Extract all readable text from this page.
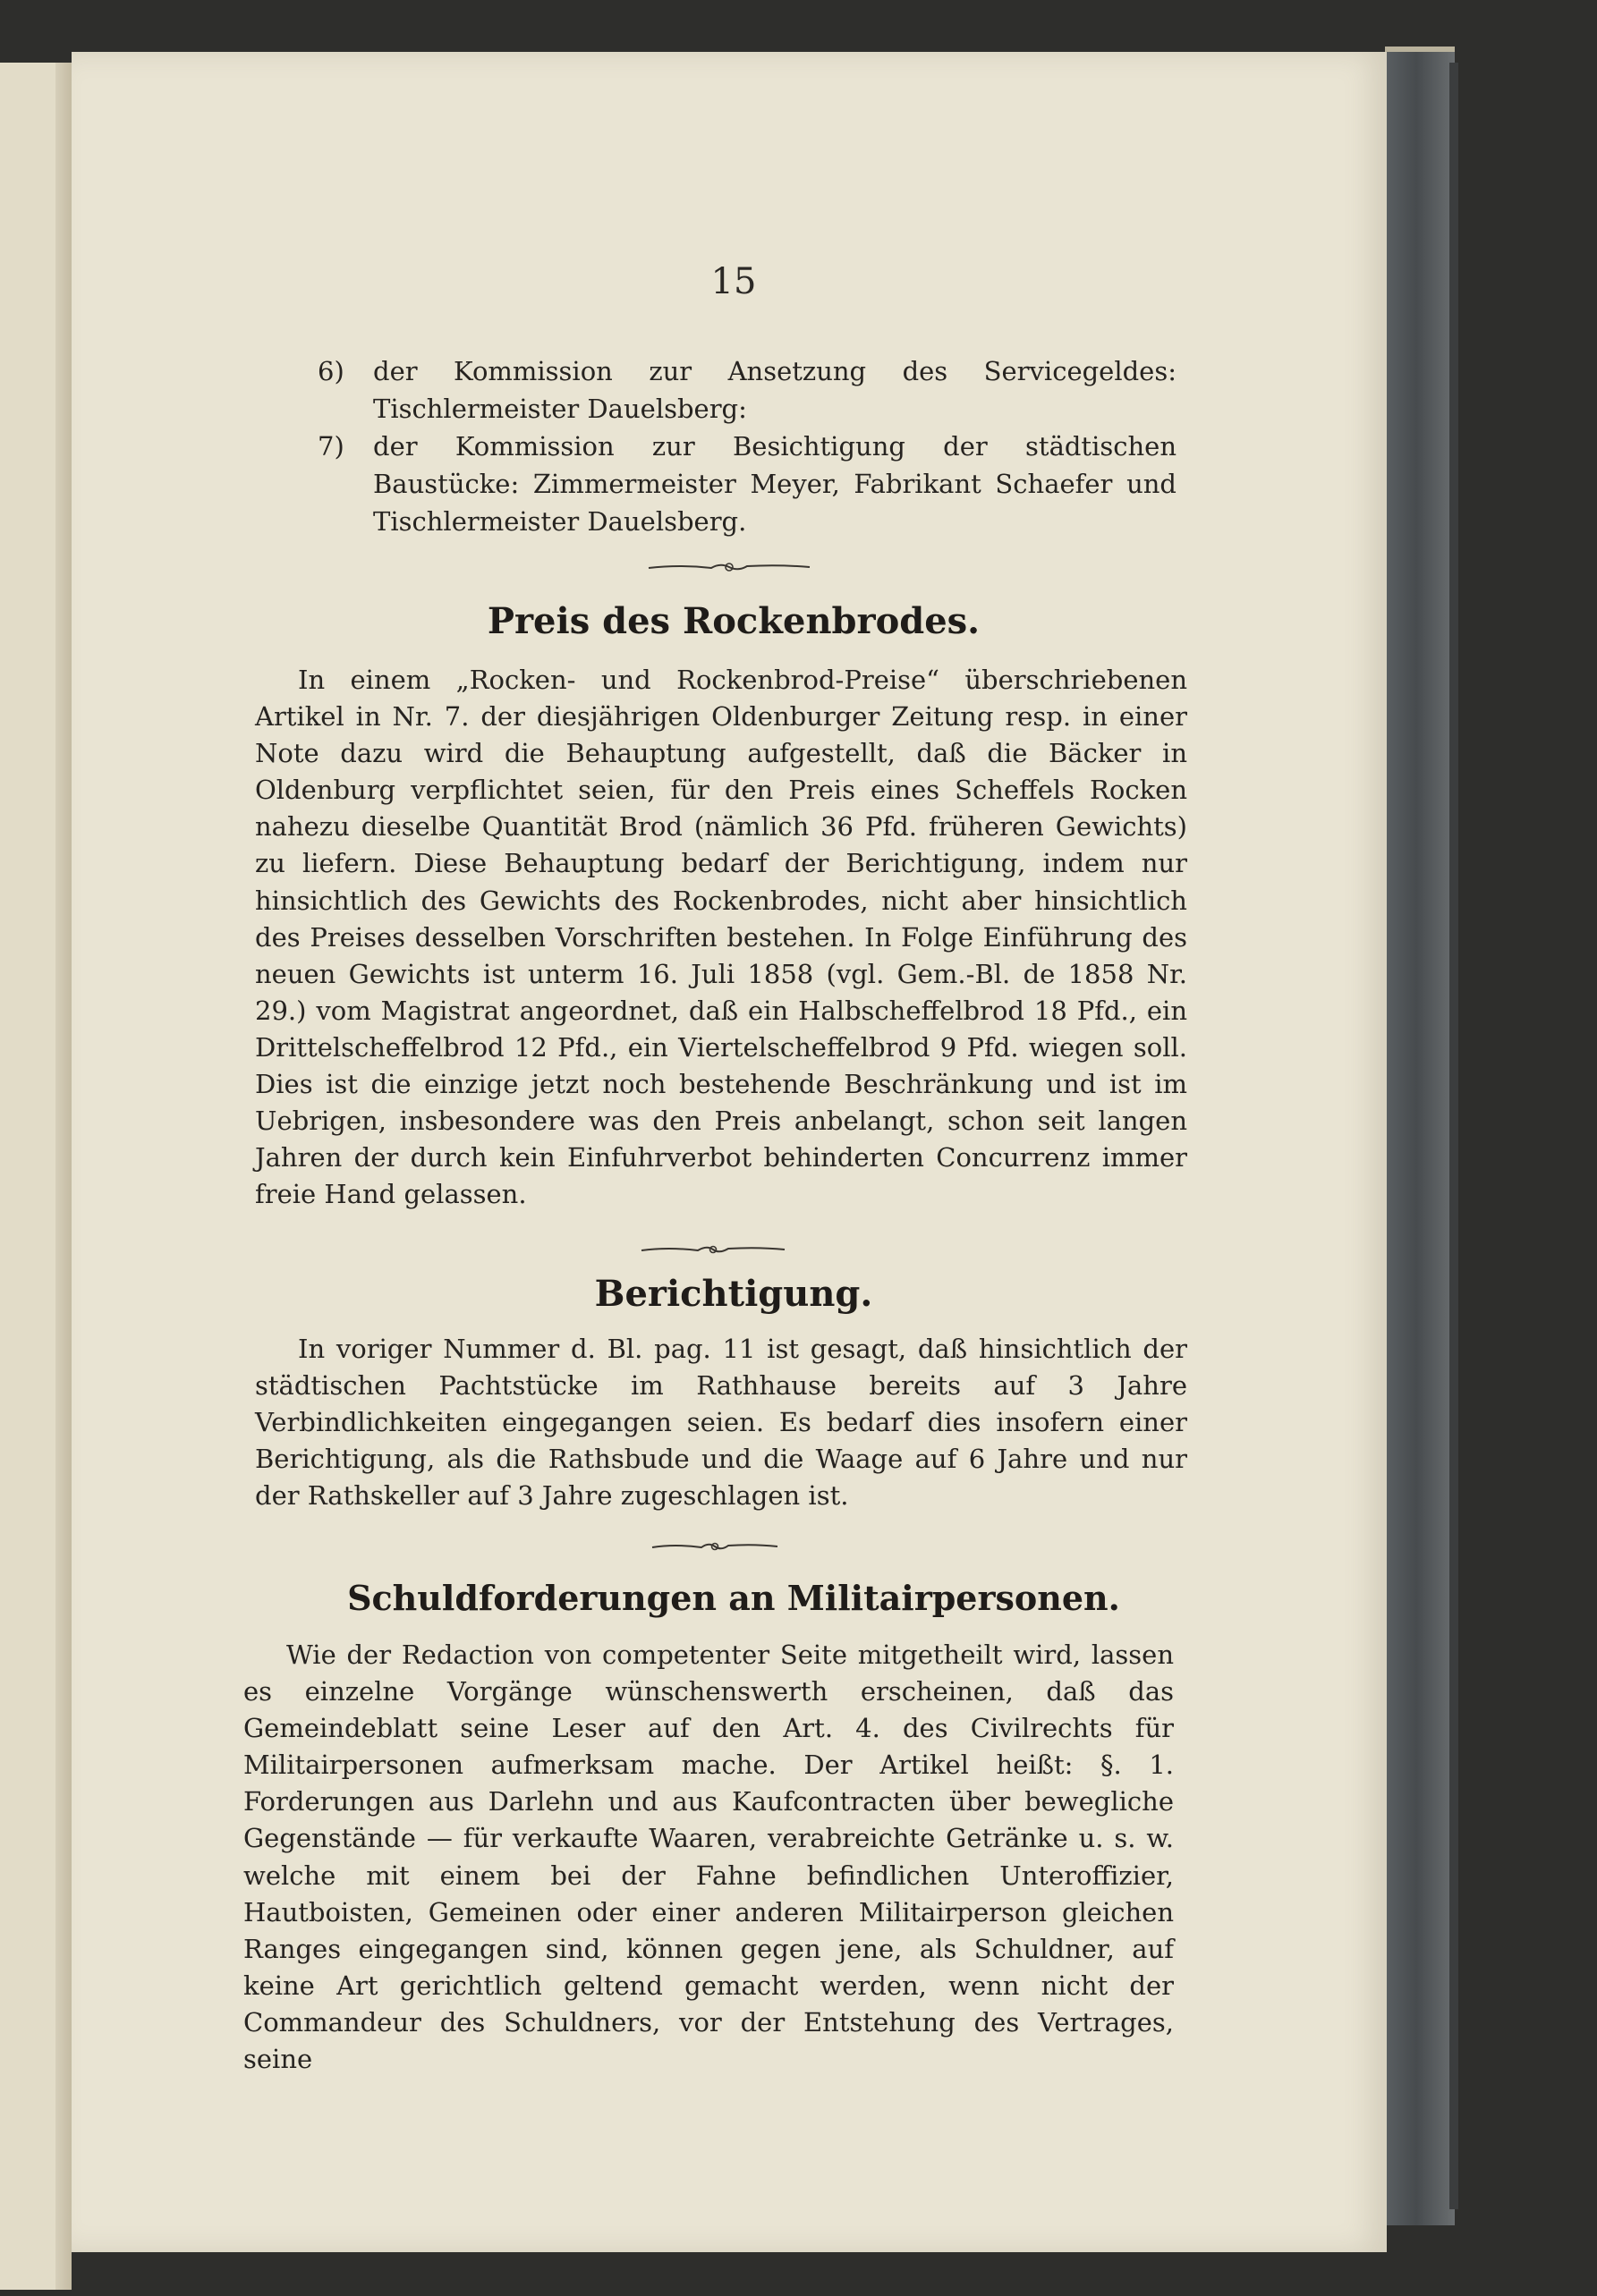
15
6) der Kommission zur Ansetzung des Servicegeldes: Tischlermeister Dauelsberg:
7) der Kommission zur Besichtigung der städtischen Baustücke: Zimmermeister Meyer, Fabrikant Schaefer und Tischlermeister Dauelsberg.
Preis des Rockenbrodes.
In einem „Rocken- und Rockenbrod-Preise“ überschriebenen Artikel in Nr. 7. der diesjährigen Oldenburger Zeitung resp. in einer Note dazu wird die Behauptung aufgestellt, daß die Bäcker in Oldenburg verpflichtet seien, für den Preis eines Scheffels Rocken nahezu dieselbe Quantität Brod (nämlich 36 Pfd. früheren Gewichts) zu liefern. Diese Behauptung bedarf der Berichtigung, indem nur hinsichtlich des Gewichts des Rockenbrodes, nicht aber hinsichtlich des Preises desselben Vorschriften bestehen. In Folge Einführung des neuen Gewichts ist unterm 16. Juli 1858 (vgl. Gem.-Bl. de 1858 Nr. 29.) vom Magistrat angeordnet, daß ein Halbscheffelbrod 18 Pfd., ein Drittelscheffelbrod 12 Pfd., ein Viertelscheffelbrod 9 Pfd. wiegen soll. Dies ist die einzige jetzt noch bestehende Beschränkung und ist im Uebrigen, insbesondere was den Preis anbelangt, schon seit langen Jahren der durch kein Einfuhrverbot behinderten Concurrenz immer freie Hand gelassen.
Berichtigung.
In voriger Nummer d. Bl. pag. 11 ist gesagt, daß hinsichtlich der städtischen Pachtstücke im Rathhause bereits auf 3 Jahre Verbindlichkeiten eingegangen seien. Es bedarf dies insofern einer Berichtigung, als die Rathsbude und die Waage auf 6 Jahre und nur der Rathskeller auf 3 Jahre zugeschlagen ist.
Schuldforderungen an Militairpersonen.
Wie der Redaction von competenter Seite mitgetheilt wird, lassen es einzelne Vorgänge wünschenswerth erscheinen, daß das Gemeindeblatt seine Leser auf den Art. 4. des Civilrechts für Militairpersonen aufmerksam mache. Der Artikel heißt: §. 1. Forderungen aus Darlehn und aus Kaufcontracten über bewegliche Gegenstände — für verkaufte Waaren, verabreichte Getränke u. s. w. welche mit einem bei der Fahne befindlichen Unteroffizier, Hautboisten, Gemeinen oder einer anderen Militairperson gleichen Ranges eingegangen sind, können gegen jene, als Schuldner, auf keine Art gerichtlich geltend gemacht werden, wenn nicht der Commandeur des Schuldners, vor der Entstehung des Vertrages, seine
